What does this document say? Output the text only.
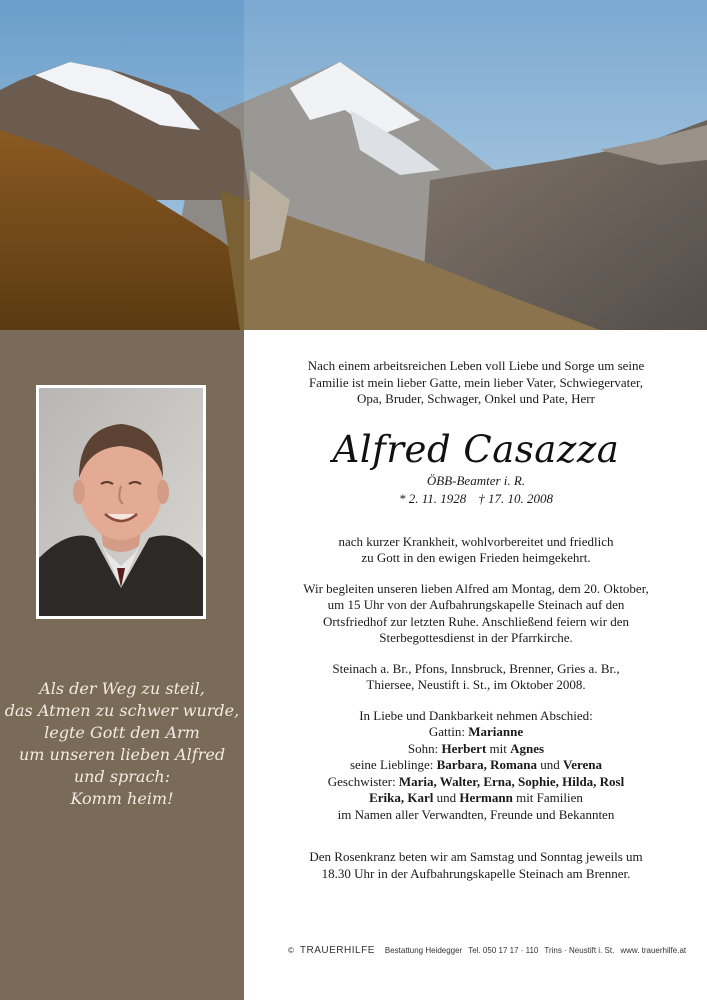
Als der Weg zu steil,
das Atmen zu schwer wurde,
legte Gott den Arm
um unseren lieben Alfred
und sprach:
Komm heim!

Nach einem arbeitsreichen Leben voll Liebe und Sorge um seine
Familie ist mein lieber Gatte, mein lieber Vater, Schwiegervater,
Opa, Bruder, Schwager, Onkel und Pate, Herr

Alfred Casazza

ÖBB-Beamter i. R.

* 2. 11. 1928 † 17. 10. 2008

nach kurzer Krankheit, wohlvorbereitet und friedlich
zu Gott in den ewigen Frieden heimgekehrt.

Wir begleiten unseren lieben Alfred am Montag, dem 20. Oktober,
um 15 Uhr von der Aufbahrungskapelle Steinach auf den
Ortsfriedhof zur letzten Ruhe. Anschließend feiern wir den
Sterbegottesdienst in der Pfarrkirche.

Steinach a. Br., Pfons, Innsbruck, Brenner, Gries a. Br.,
Thiersee, Neustift i. St., im Oktober 2008.

In Liebe und Dankbarkeit nehmen Abschied:
Gattin: Marianne
Sohn: Herbert mit Agnes
seine Lieblinge: Barbara, Romana und Verena
Geschwister: Maria, Walter, Erna, Sophie, Hilda, Rosl
Erika, Karl und Hermann mit Familien
im Namen aller Verwandten, Freunde und Bekannten

Den Rosenkranz beten wir am Samstag und Sonntag jeweils um
18.30 Uhr in der Aufbahrungskapelle Steinach am Brenner.

© TRAUERHILFE Bestattung Heidegger Tel. 050 17 17 · 110 Trins · Neustift i. St. www. trauerhilfe.at
